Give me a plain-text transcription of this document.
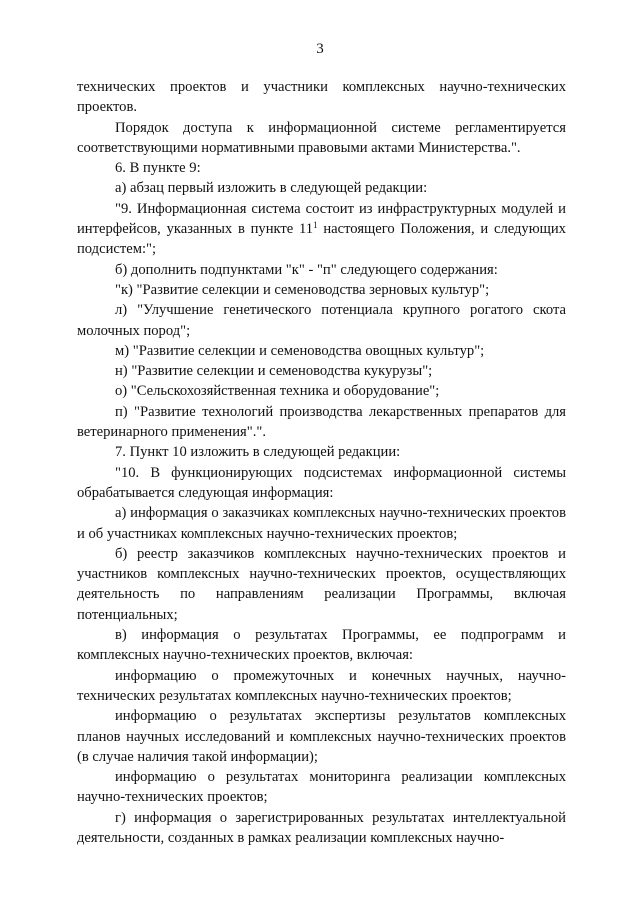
3

технических проектов и участники комплексных научно-технических проектов.

Порядок доступа к информационной системе регламентируется соответствующими нормативными правовыми актами Министерства.".

6. В пункте 9:

а) абзац первый изложить в следующей редакции:

"9. Информационная система состоит из инфраструктурных модулей и интерфейсов, указанных в пункте $11^1$ настоящего Положения, и следующих подсистем:";

б) дополнить подпунктами "к" - "п" следующего содержания:

"к) "Развитие селекции и семеноводства зерновых культур";

л) "Улучшение генетического потенциала крупного рогатого скота молочных пород";

м) "Развитие селекции и семеноводства овощных культур";

н) "Развитие селекции и семеноводства кукурузы";

о) "Сельскохозяйственная техника и оборудование";

п) "Развитие технологий производства лекарственных препаратов для ветеринарного применения".".

7. Пункт 10 изложить в следующей редакции:

"10. В функционирующих подсистемах информационной системы обрабатывается следующая информация:

а) информация о заказчиках комплексных научно-технических проектов и об участниках комплексных научно-технических проектов;

б) реестр заказчиков комплексных научно-технических проектов и участников комплексных научно-технических проектов, осуществляющих деятельность по направлениям реализации Программы, включая потенциальных;

в) информация о результатах Программы, ее подпрограмм и комплексных научно-технических проектов, включая:

информацию о промежуточных и конечных научных, научно-технических результатах комплексных научно-технических проектов;

информацию о результатах экспертизы результатов комплексных планов научных исследований и комплексных научно-технических проектов (в случае наличия такой информации);

информацию о результатах мониторинга реализации комплексных научно-технических проектов;

г) информация о зарегистрированных результатах интеллектуальной деятельности, созданных в рамках реализации комплексных научно-
